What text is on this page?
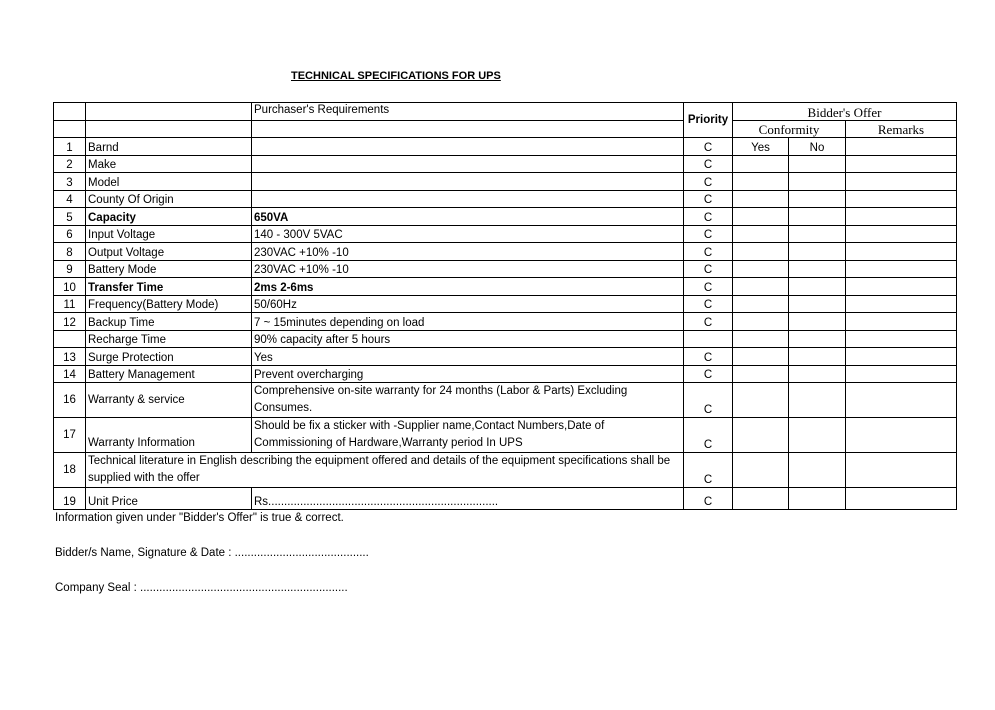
TECHNICAL SPECIFICATIONS FOR UPS
		Purchaser's Requirements	Priority	Bidder's Offer		
				Conformity		Remarks
1	Barnd		C	Yes	No	
2	Make		C			
3	Model		C			
4	County Of Origin		C			
5	Capacity	650VA	C			
6	Input Voltage	140 - 300V 5VAC	C			
8	Output Voltage	230VAC +10% -10	C			
9	Battery Mode	230VAC +10% -10	C			
10	Transfer Time	2ms 2-6ms	C			
11	Frequency(Battery Mode)	50/60Hz	C			
12	Backup Time	7 ~ 15minutes depending on load	C			
	Recharge Time	90% capacity after 5 hours				
13	Surge Protection	Yes	C			
14	Battery Management	Prevent overcharging	C			
16	Warranty & service	Comprehensive on-site warranty for 24 months (Labor & Parts) Excluding Consumes.	C			
17	Warranty Information	Should be fix a sticker with -Supplier name,Contact Numbers,Date of Commissioning of Hardware,Warranty period In UPS	C			
18	Technical literature in English describing the equipment offered and details of the equipment specifications shall be supplied with the offer		C			
19	Unit Price	Rs........................................................................	C			
Information given under "Bidder's Offer" is true & correct.
Bidder/s Name, Signature & Date : ..........................................
Company Seal : .................................................................
